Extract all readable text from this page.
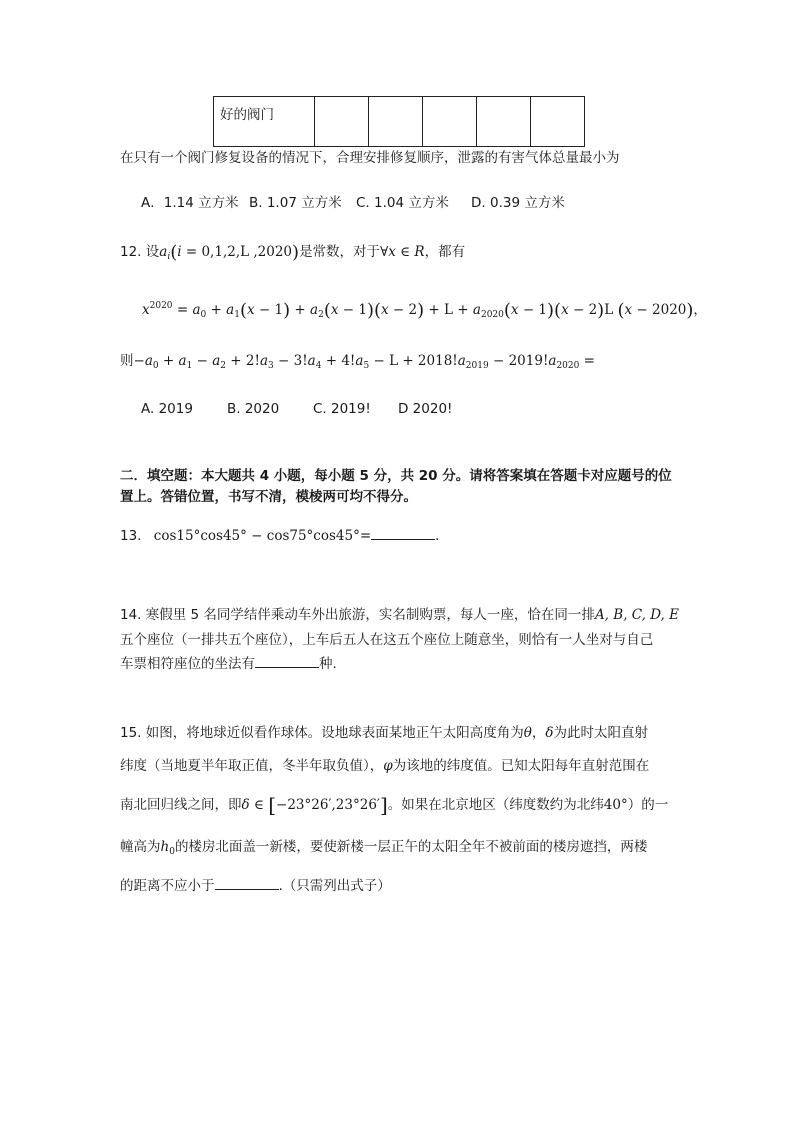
好的阀门					
在只有一个阀门修复设备的情况下，合理安排修复顺序，泄露的有害气体总量最小为
A．1.14 立方米 B. 1.07 立方米 C. 1.04 立方米 D. 0.39 立方米
12. 设$a_i(i = 0,1,2,L$ ,2020)是常数，对于∀x ∈ R，都有
$x^{2020} = a_0 + a_1(x - 1) + a_2(x - 1)(x - 2) + L + a_{2020}(x - 1)(x - 2)L$ (x − 2020)，
则$-a_0 + a_1 - a_2 + 2!a_3 - 3!a_4 + 4!a_5 - L + 2018!a_{2019} - 2019!a_{2020}$ =
A. 2019	B. 2020	C. 2019! D 2020!
二．填空题：本大题共 4 小题，每小题 5 分，共 20 分。请将答案填在答题卡对应题号的位
置上。答错位置，书写不清，模棱两可均不得分。
13. cos15°cos45° − cos75°cos45°=	.
14. 寒假里 5 名同学结伴乘动车外出旅游，实名制购票，每人一座，恰在同一排A, B, C, D, E
五个座位（一排共五个座位），上车后五人在这五个座位上随意坐，则恰有一人坐对与自己
车票相符座位的坐法有	种.
15. 如图，将地球近似看作球体。设地球表面某地正午太阳高度角为θ，δ为此时太阳直射
纬度（当地夏半年取正值，冬半年取负值），φ为该地的纬度值。已知太阳每年直射范围在
南北回归线之间，即δ ∈ [−23°26′,23°26′]。如果在北京地区（纬度数约为北纬40°）的一
幢高为$h_0$的楼房北面盖一新楼，要使新楼一层正午的太阳全年不被前面的楼房遮挡，两楼
的距离不应小于	.（只需列出式子）
